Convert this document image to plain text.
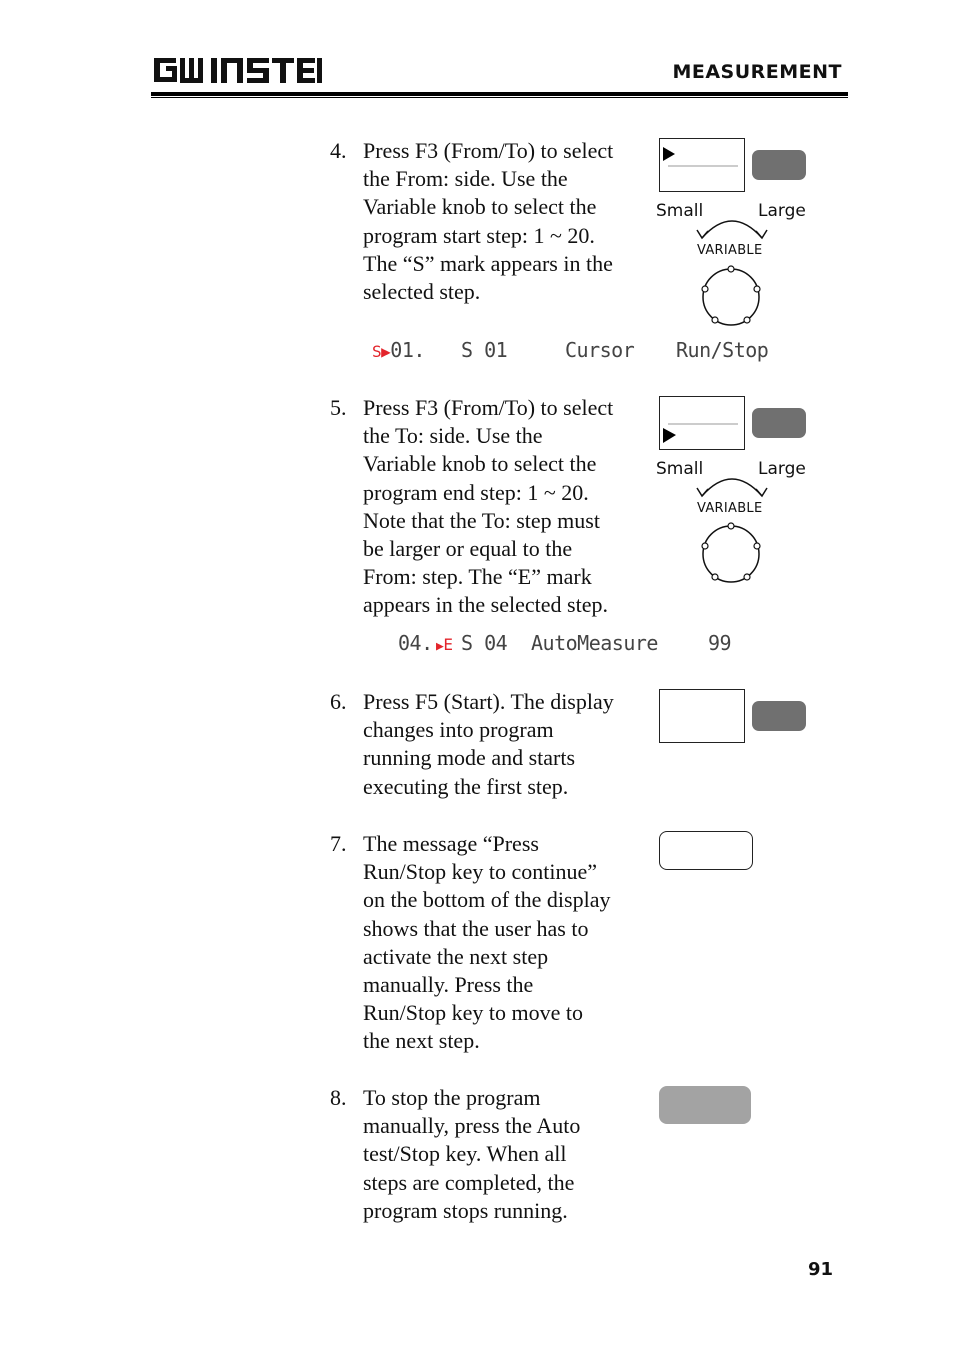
GW INSTEK
MEASUREMENT
4. Press F3 (From/To) to select
the From: side. Use the
Variable knob to select the
program start step: 1 ~ 20.
The “S” mark appears in the
selected step.
Small	Large
VARIABLE
S▶01. S 01	Cursor Run/Stop
5. Press F3 (From/To) to select
the To: side. Use the
Variable knob to select the
program end step: 1 ~ 20.
Note that the To: step must
be larger or equal to the
From: step. The “E” mark
appears in the selected step.
Small	Large
VARIABLE
04. ▶E S 04 AutoMeasure	99
6. Press F5 (Start). The display
changes into program
running mode and starts
executing the first step.
7. The message “Press
Run/Stop key to continue”
on the bottom of the display
shows that the user has to
activate the next step
manually. Press the
Run/Stop key to move to
the next step.
8. To stop the program
manually, press the Auto
test/Stop key. When all
steps are completed, the
program stops running.
91
